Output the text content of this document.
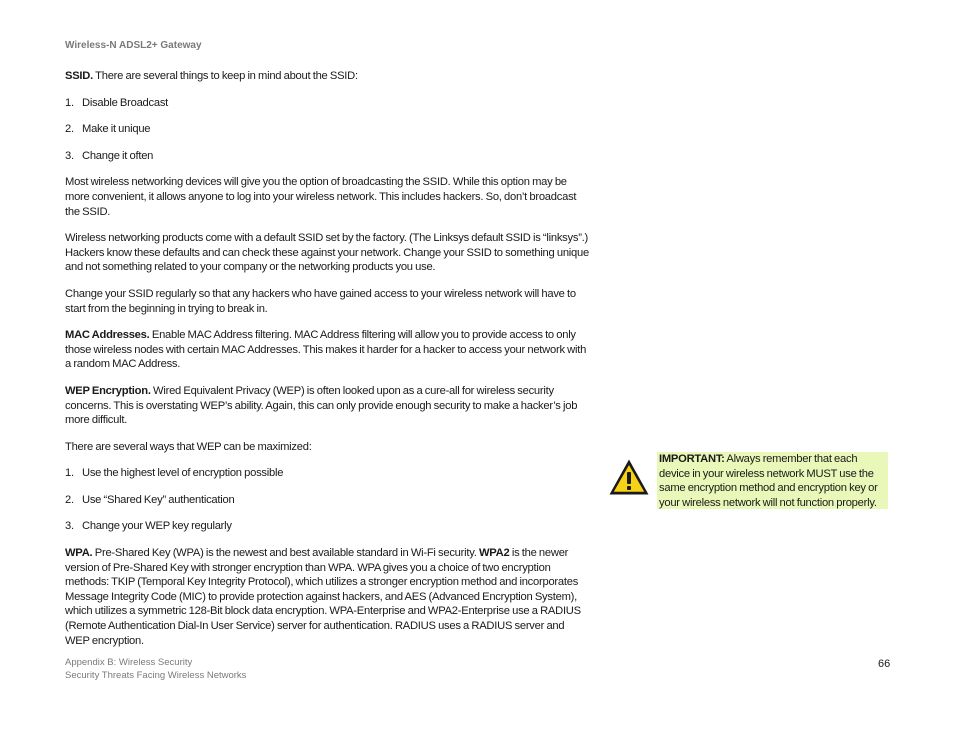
Wireless-N ADSL2+ Gateway

SSID. There are several things to keep in mind about the SSID:

1. Disable Broadcast
2. Make it unique
3. Change it often

Most wireless networking devices will give you the option of broadcasting the SSID. While this option may be more convenient, it allows anyone to log into your wireless network. This includes hackers. So, don’t broadcast the SSID.

Wireless networking products come with a default SSID set by the factory. (The Linksys default SSID is “linksys”.) Hackers know these defaults and can check these against your network. Change your SSID to something unique and not something related to your company or the networking products you use.

Change your SSID regularly so that any hackers who have gained access to your wireless network will have to start from the beginning in trying to break in.

MAC Addresses. Enable MAC Address filtering. MAC Address filtering will allow you to provide access to only those wireless nodes with certain MAC Addresses. This makes it harder for a hacker to access your network with a random MAC Address.

WEP Encryption. Wired Equivalent Privacy (WEP) is often looked upon as a cure-all for wireless security concerns. This is overstating WEP’s ability. Again, this can only provide enough security to make a hacker’s job more difficult.

There are several ways that WEP can be maximized:

1. Use the highest level of encryption possible
2. Use “Shared Key” authentication
3. Change your WEP key regularly

WPA. Pre-Shared Key (WPA) is the newest and best available standard in Wi-Fi security. WPA2 is the newer version of Pre-Shared Key with stronger encryption than WPA. WPA gives you a choice of two encryption methods: TKIP (Temporal Key Integrity Protocol), which utilizes a stronger encryption method and incorporates Message Integrity Code (MIC) to provide protection against hackers, and AES (Advanced Encryption System), which utilizes a symmetric 128-Bit block data encryption. WPA-Enterprise and WPA2-Enterprise use a RADIUS (Remote Authentication Dial-In User Service) server for authentication. RADIUS uses a RADIUS server and WEP encryption.

IMPORTANT: Always remember that each device in your wireless network MUST use the same encryption method and encryption key or your wireless network will not function properly.
Appendix B: Wireless Security
Security Threats Facing Wireless Networks
66
